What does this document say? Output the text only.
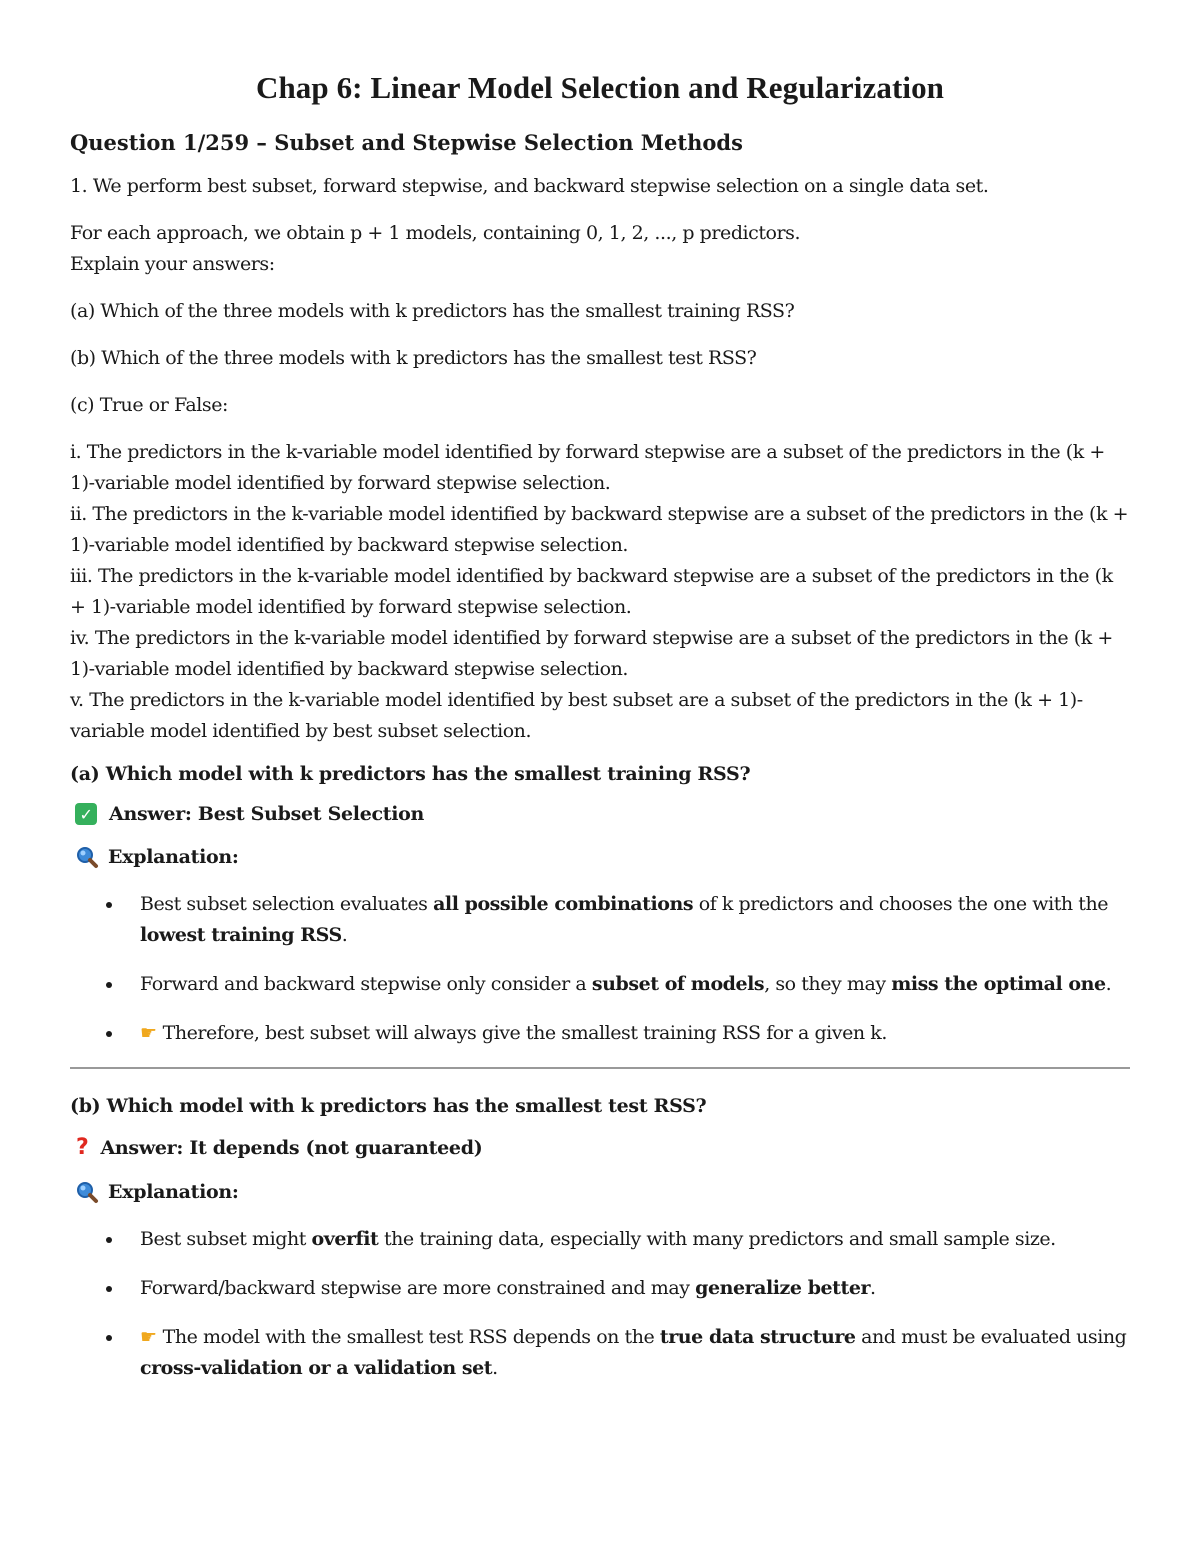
Chap 6: Linear Model Selection and Regularization
Question 1/259 – Subset and Stepwise Selection Methods

1. We perform best subset, forward stepwise, and backward stepwise selection on a single data set.

For each approach, we obtain p + 1 models, containing 0, 1, 2, ..., p predictors.

Explain your answers:

(a) Which of the three models with k predictors has the smallest training RSS?

(b) Which of the three models with k predictors has the smallest test RSS?

(c) True or False:

i. The predictors in the k-variable model identified by forward stepwise are a subset of the predictors in the (k + 1)-variable model identified by forward stepwise selection.

ii. The predictors in the k-variable model identified by backward stepwise are a subset of the predictors in the (k + 1)-variable model identified by backward stepwise selection.

iii. The predictors in the k-variable model identified by backward stepwise are a subset of the predictors in the (k + 1)-variable model identified by forward stepwise selection.

iv. The predictors in the k-variable model identified by forward stepwise are a subset of the predictors in the (k + 1)-variable model identified by backward stepwise selection.

v. The predictors in the k-variable model identified by best subset are a subset of the predictors in the (k + 1)-variable model identified by best subset selection.

(a) Which model with k predictors has the smallest training RSS?
✓ Answer: Best Subset Selection
Explanation:
Best subset selection evaluates all possible combinations of k predictors and chooses the one with the lowest training RSS.
Forward and backward stepwise only consider a subset of models, so they may miss the optimal one.
☛ Therefore, best subset will always give the smallest training RSS for a given k.
(b) Which model with k predictors has the smallest test RSS?
? Answer: It depends (not guaranteed)
Explanation:
Best subset might overfit the training data, especially with many predictors and small sample size.
Forward/backward stepwise are more constrained and may generalize better.
☛ The model with the smallest test RSS depends on the true data structure and must be evaluated using cross-validation or a validation set.
